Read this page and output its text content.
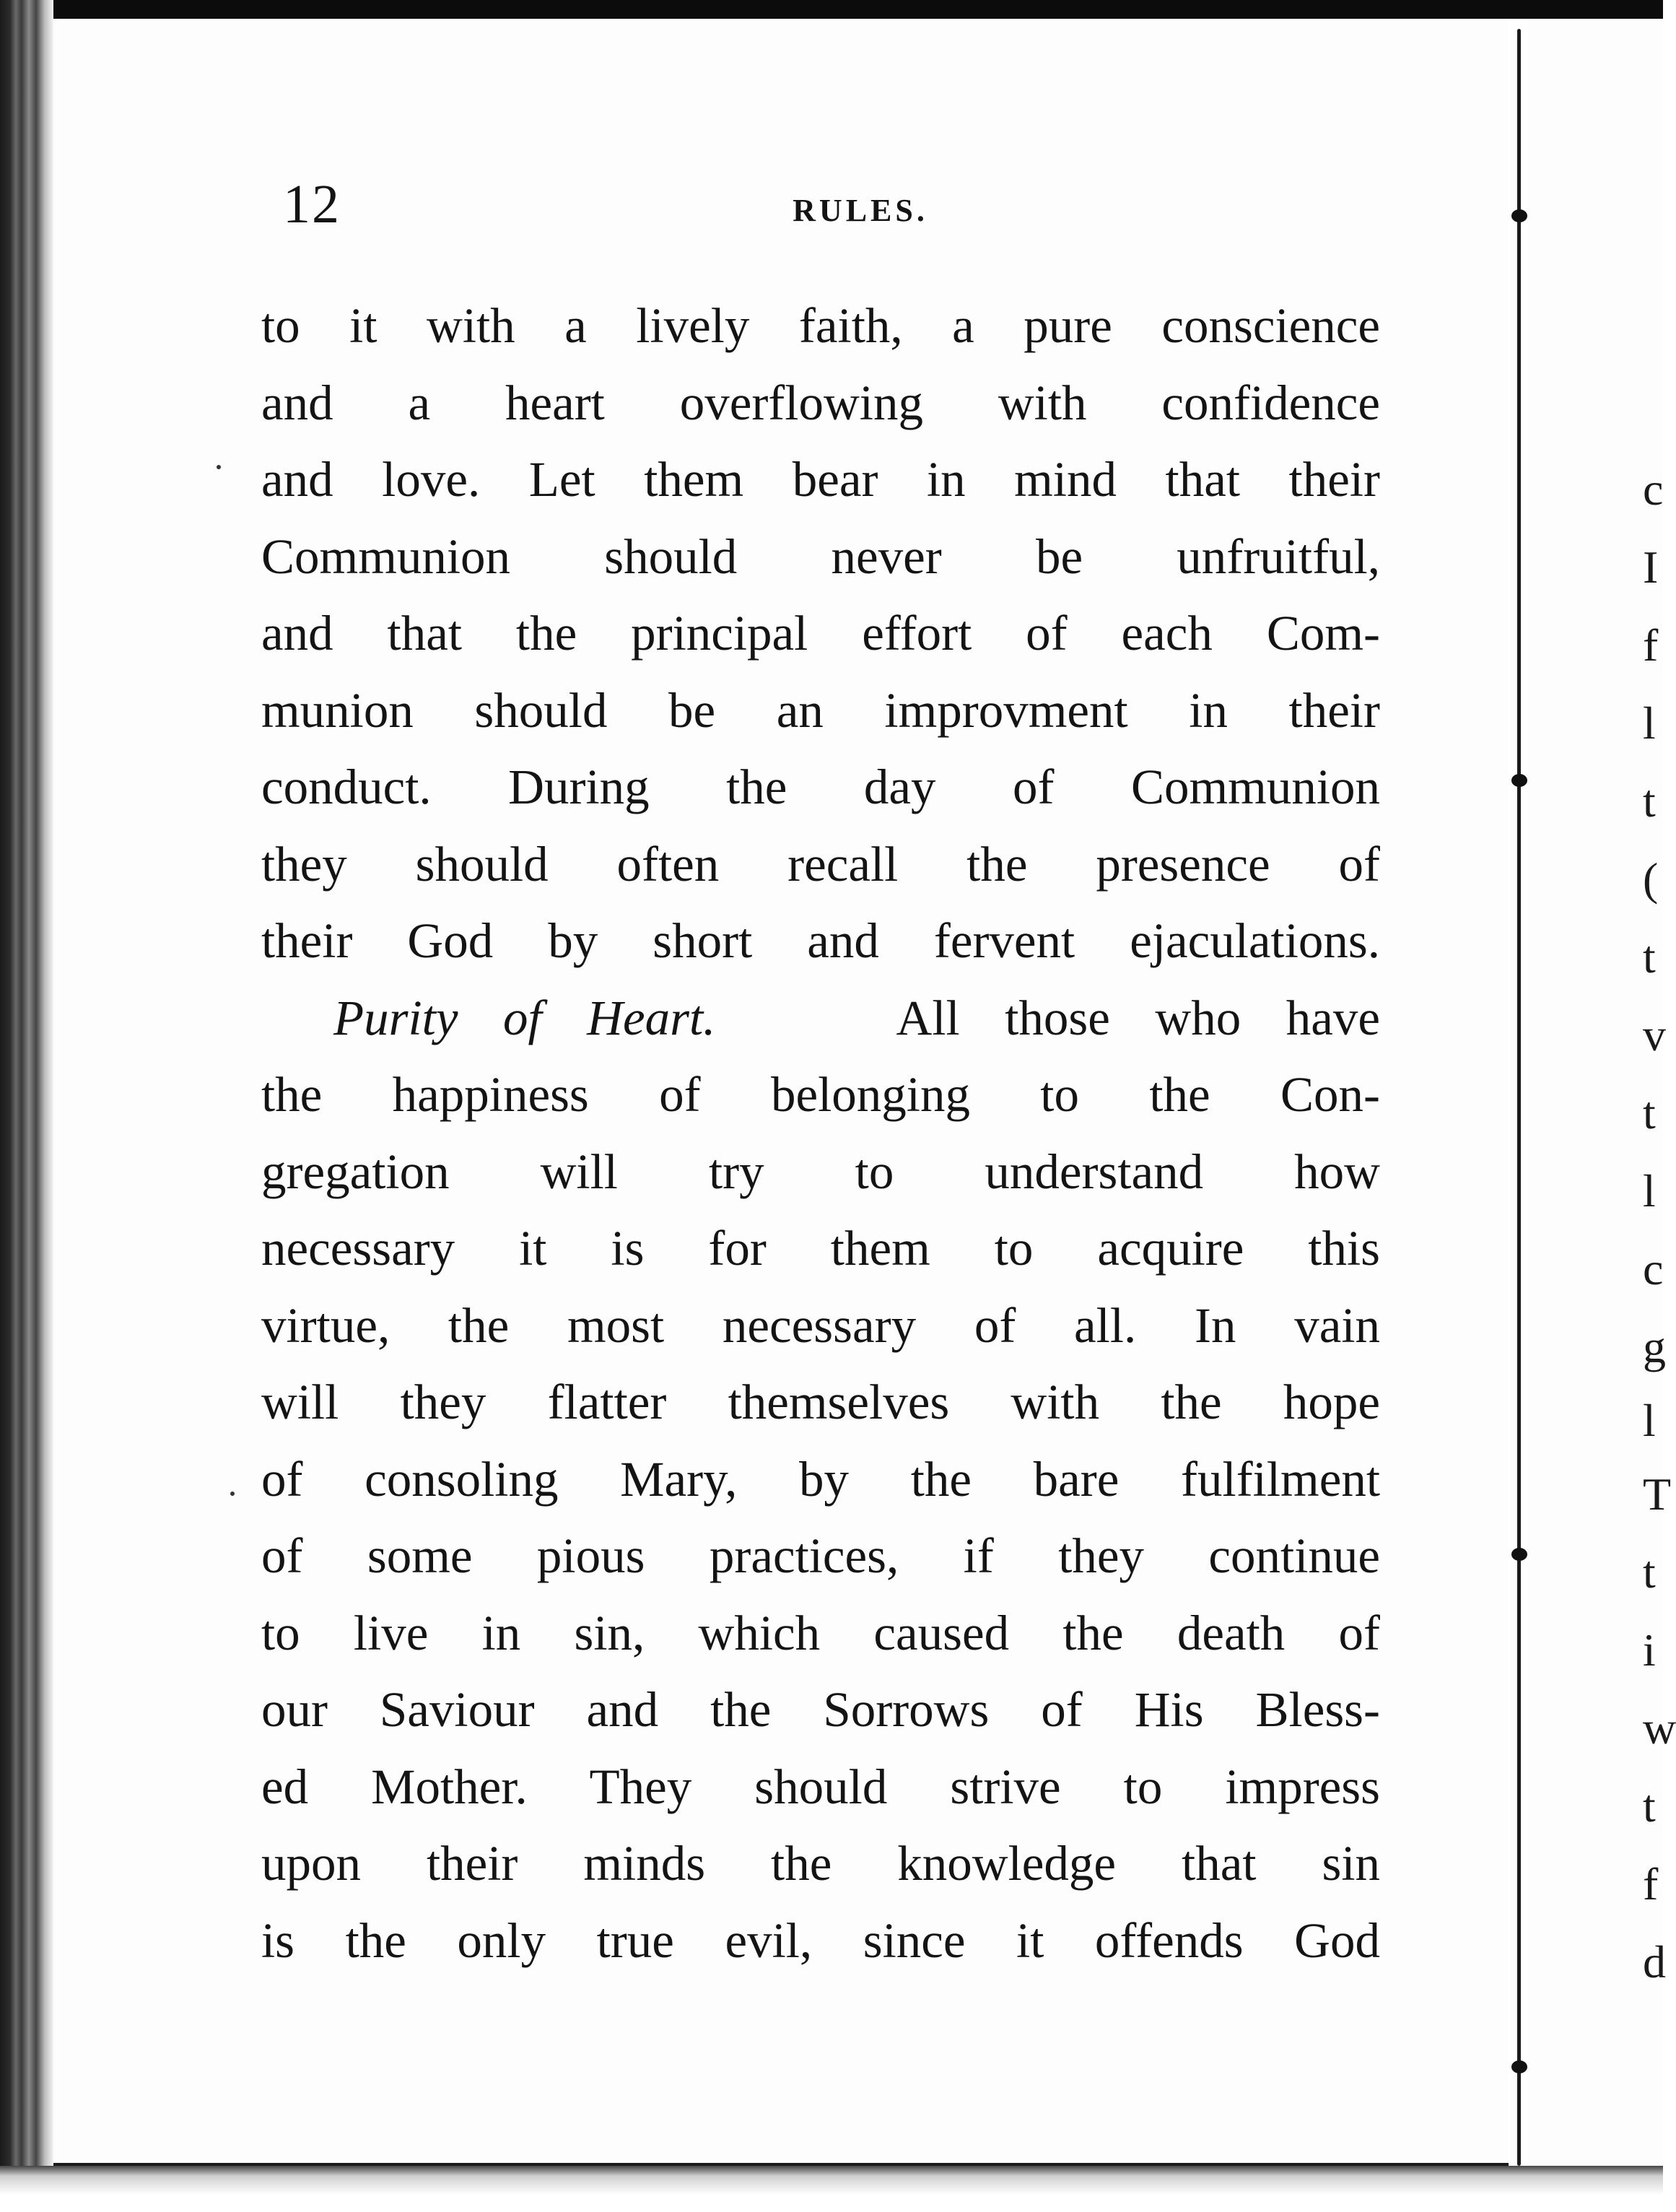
12	RULES.
to it with a lively faith, a pure conscience
and a heart overflowing with confidence
and love. Let them bear in mind that their
Communion should never be unfruitful,
and that the principal effort of each Com-
munion should be an improvment in their
conduct. During the day of Communion
they should often recall the presence of
their God by short and fervent ejaculations.
Purity of Heart.	All those who have
the happiness of belonging to the Con-
gregation will try to understand how
necessary it is for them to acquire this
virtue, the most necessary of all. In vain
will they flatter themselves with the hope
of consoling Mary, by the bare fulfilment
of some pious practices, if they continue
to live in sin, which caused the death of
our Saviour and the Sorrows of His Bless-
ed Mother. They should strive to impress
upon their minds the knowledge that sin
is the only true evil, since it offends God
c
I
f
l
t
(
t
v
t
l
c
g
l
T
t
i
w
t
f
d
